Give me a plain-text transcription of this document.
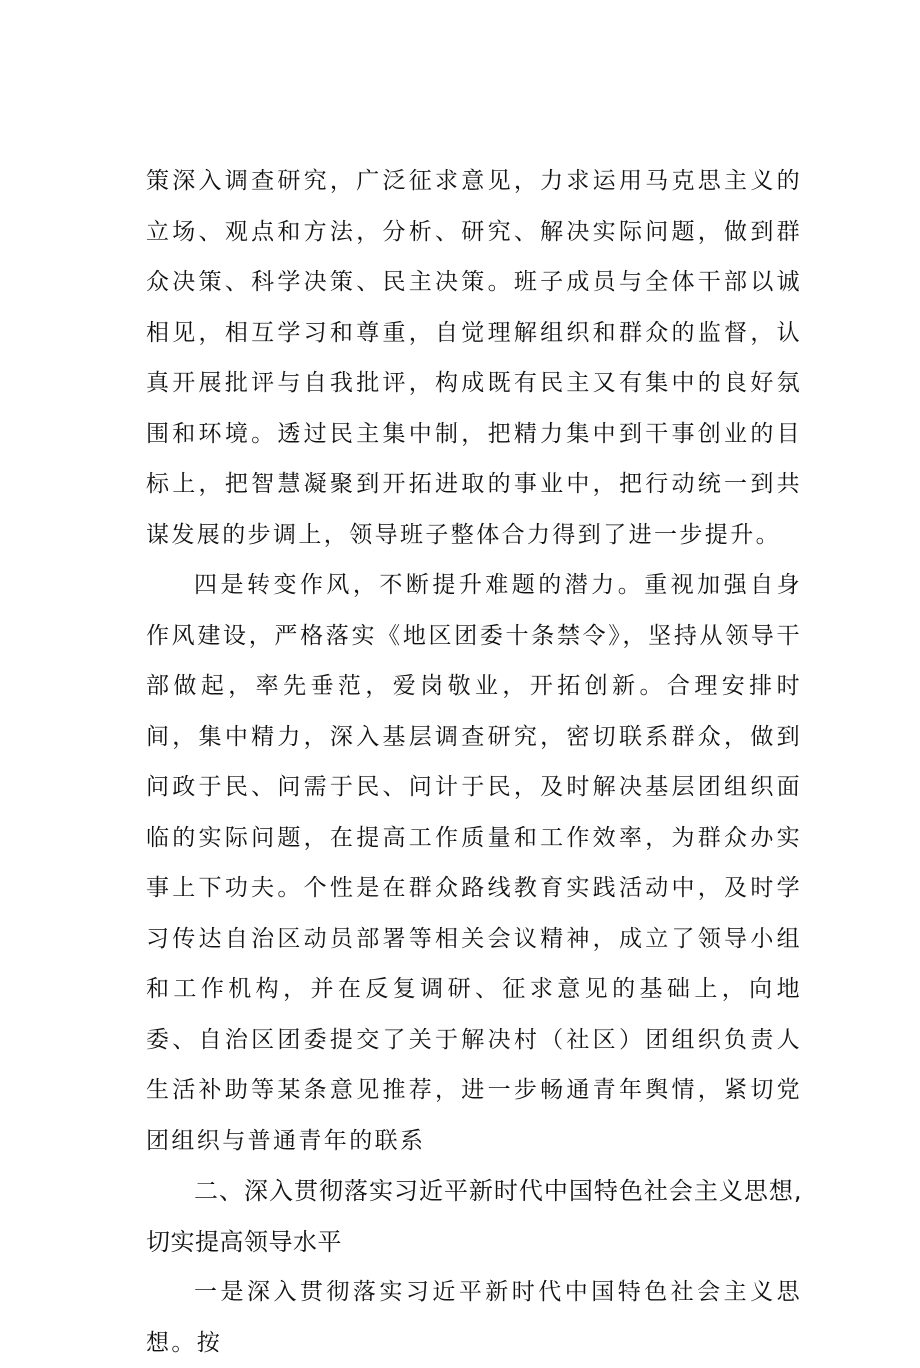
策深入调查研究，广泛征求意见，力求运用马克思主义的立场、观点和方法，分析、研究、解决实际问题，做到群众决策、科学决策、民主决策。班子成员与全体干部以诚相见，相互学习和尊重，自觉理解组织和群众的监督，认真开展批评与自我批评，构成既有民主又有集中的良好氛围和环境。透过民主集中制，把精力集中到干事创业的目标上，把智慧凝聚到开拓进取的事业中，把行动统一到共谋发展的步调上，领导班子整体合力得到了进一步提升。

四是转变作风，不断提升难题的潜力。重视加强自身作风建设，严格落实《地区团委十条禁令》，坚持从领导干部做起，率先垂范，爱岗敬业，开拓创新。合理安排时间，集中精力，深入基层调查研究，密切联系群众，做到问政于民、问需于民、问计于民，及时解决基层团组织面临的实际问题，在提高工作质量和工作效率，为群众办实事上下功夫。个性是在群众路线教育实践活动中，及时学习传达自治区动员部署等相关会议精神，成立了领导小组和工作机构，并在反复调研、征求意见的基础上，向地委、自治区团委提交了关于解决村（社区）团组织负责人生活补助等某条意见推荐，进一步畅通青年舆情，紧切党团组织与普通青年的联系

二、深入贯彻落实习近平新时代中国特色社会主义思想,切实提高领导水平

一是深入贯彻落实习近平新时代中国特色社会主义思想。按
